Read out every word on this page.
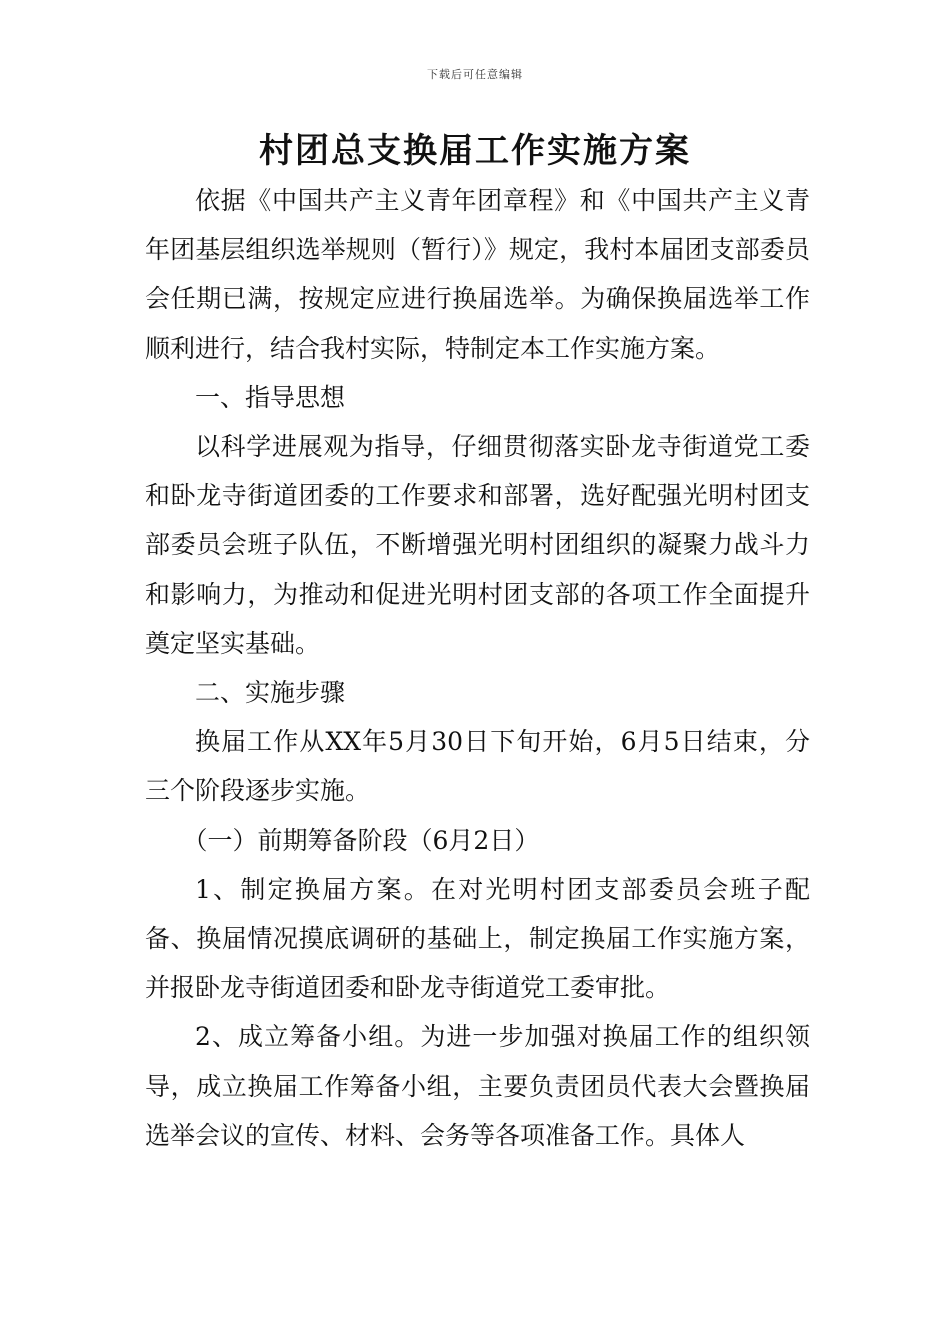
下载后可任意编辑
村团总支换届工作实施方案

依据《中国共产主义青年团章程》和《中国共产主义青年团基层组织选举规则（暂行）》规定，我村本届团支部委员会任期已满，按规定应进行换届选举。为确保换届选举工作顺利进行，结合我村实际，特制定本工作实施方案。

一、指导思想

以科学进展观为指导，仔细贯彻落实卧龙寺街道党工委和卧龙寺街道团委的工作要求和部署，选好配强光明村团支部委员会班子队伍，不断增强光明村团组织的凝聚力战斗力和影响力，为推动和促进光明村团支部的各项工作全面提升奠定坚实基础。

二、实施步骤

换届工作从XX年5月30日下旬开始，6月5日结束，分三个阶段逐步实施。

（一）前期筹备阶段（6月2日）

1、制定换届方案。在对光明村团支部委员会班子配备、换届情况摸底调研的基础上，制定换届工作实施方案，并报卧龙寺街道团委和卧龙寺街道党工委审批。

2、成立筹备小组。为进一步加强对换届工作的组织领导，成立换届工作筹备小组，主要负责团员代表大会暨换届选举会议的宣传、材料、会务等各项准备工作。具体人
